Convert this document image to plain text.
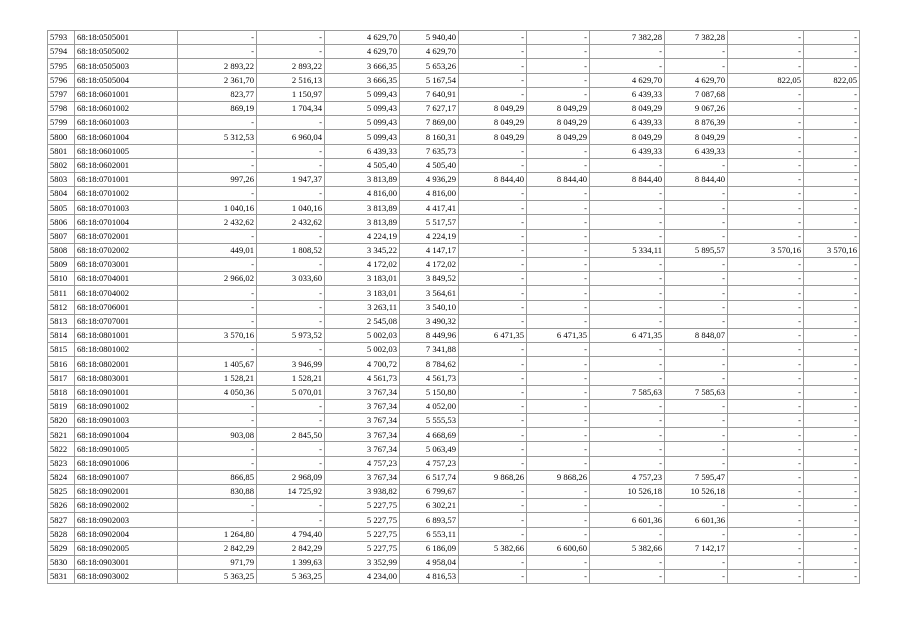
5793	68:18:0505001	-	-	4 629,70	5 940,40	-	-	7 382,28	7 382,28	-	-
5794	68:18:0505002	-	-	4 629,70	4 629,70	-	-	-	-	-	-
5795	68:18:0505003	2 893,22	2 893,22	3 666,35	5 653,26	-	-	-	-	-	-
5796	68:18:0505004	2 361,70	2 516,13	3 666,35	5 167,54	-	-	4 629,70	4 629,70	822,05	822,05
5797	68:18:0601001	823,77	1 150,97	5 099,43	7 640,91	-	-	6 439,33	7 087,68	-	-
5798	68:18:0601002	869,19	1 704,34	5 099,43	7 627,17	8 049,29	8 049,29	8 049,29	9 067,26	-	-
5799	68:18:0601003	-	-	5 099,43	7 869,00	8 049,29	8 049,29	6 439,33	8 876,39	-	-
5800	68:18:0601004	5 312,53	6 960,04	5 099,43	8 160,31	8 049,29	8 049,29	8 049,29	8 049,29	-	-
5801	68:18:0601005	-	-	6 439,33	7 635,73	-	-	6 439,33	6 439,33	-	-
5802	68:18:0602001	-	-	4 505,40	4 505,40	-	-	-	-	-	-
5803	68:18:0701001	997,26	1 947,37	3 813,89	4 936,29	8 844,40	8 844,40	8 844,40	8 844,40	-	-
5804	68:18:0701002	-	-	4 816,00	4 816,00	-	-	-	-	-	-
5805	68:18:0701003	1 040,16	1 040,16	3 813,89	4 417,41	-	-	-	-	-	-
5806	68:18:0701004	2 432,62	2 432,62	3 813,89	5 517,57	-	-	-	-	-	-
5807	68:18:0702001	-	-	4 224,19	4 224,19	-	-	-	-	-	-
5808	68:18:0702002	449,01	1 808,52	3 345,22	4 147,17	-	-	5 334,11	5 895,57	3 570,16	3 570,16
5809	68:18:0703001	-	-	4 172,02	4 172,02	-	-	-	-	-	-
5810	68:18:0704001	2 966,02	3 033,60	3 183,01	3 849,52	-	-	-	-	-	-
5811	68:18:0704002	-	-	3 183,01	3 564,61	-	-	-	-	-	-
5812	68:18:0706001	-	-	3 263,11	3 540,10	-	-	-	-	-	-
5813	68:18:0707001	-	-	2 545,08	3 490,32	-	-	-	-	-	-
5814	68:18:0801001	3 570,16	5 973,52	5 002,03	8 449,96	6 471,35	6 471,35	6 471,35	8 848,07	-	-
5815	68:18:0801002	-	-	5 002,03	7 341,88	-	-	-	-	-	-
5816	68:18:0802001	1 405,67	3 946,99	4 700,72	8 784,62	-	-	-	-	-	-
5817	68:18:0803001	1 528,21	1 528,21	4 561,73	4 561,73	-	-	-	-	-	-
5818	68:18:0901001	4 050,36	5 070,01	3 767,34	5 150,80	-	-	7 585,63	7 585,63	-	-
5819	68:18:0901002	-	-	3 767,34	4 052,00	-	-	-	-	-	-
5820	68:18:0901003	-	-	3 767,34	5 555,53	-	-	-	-	-	-
5821	68:18:0901004	903,08	2 845,50	3 767,34	4 668,69	-	-	-	-	-	-
5822	68:18:0901005	-	-	3 767,34	5 063,49	-	-	-	-	-	-
5823	68:18:0901006	-	-	4 757,23	4 757,23	-	-	-	-	-	-
5824	68:18:0901007	866,85	2 968,09	3 767,34	6 517,74	9 868,26	9 868,26	4 757,23	7 595,47	-	-
5825	68:18:0902001	830,88	14 725,92	3 938,82	6 799,67	-	-	10 526,18	10 526,18	-	-
5826	68:18:0902002	-	-	5 227,75	6 302,21	-	-	-	-	-	-
5827	68:18:0902003	-	-	5 227,75	6 893,57	-	-	6 601,36	6 601,36	-	-
5828	68:18:0902004	1 264,80	4 794,40	5 227,75	6 553,11	-	-	-	-	-	-
5829	68:18:0902005	2 842,29	2 842,29	5 227,75	6 186,09	5 382,66	6 600,60	5 382,66	7 142,17	-	-
5830	68:18:0903001	971,79	1 399,63	3 352,99	4 958,04	-	-	-	-	-	-
5831	68:18:0903002	5 363,25	5 363,25	4 234,00	4 816,53	-	-	-	-	-	-
